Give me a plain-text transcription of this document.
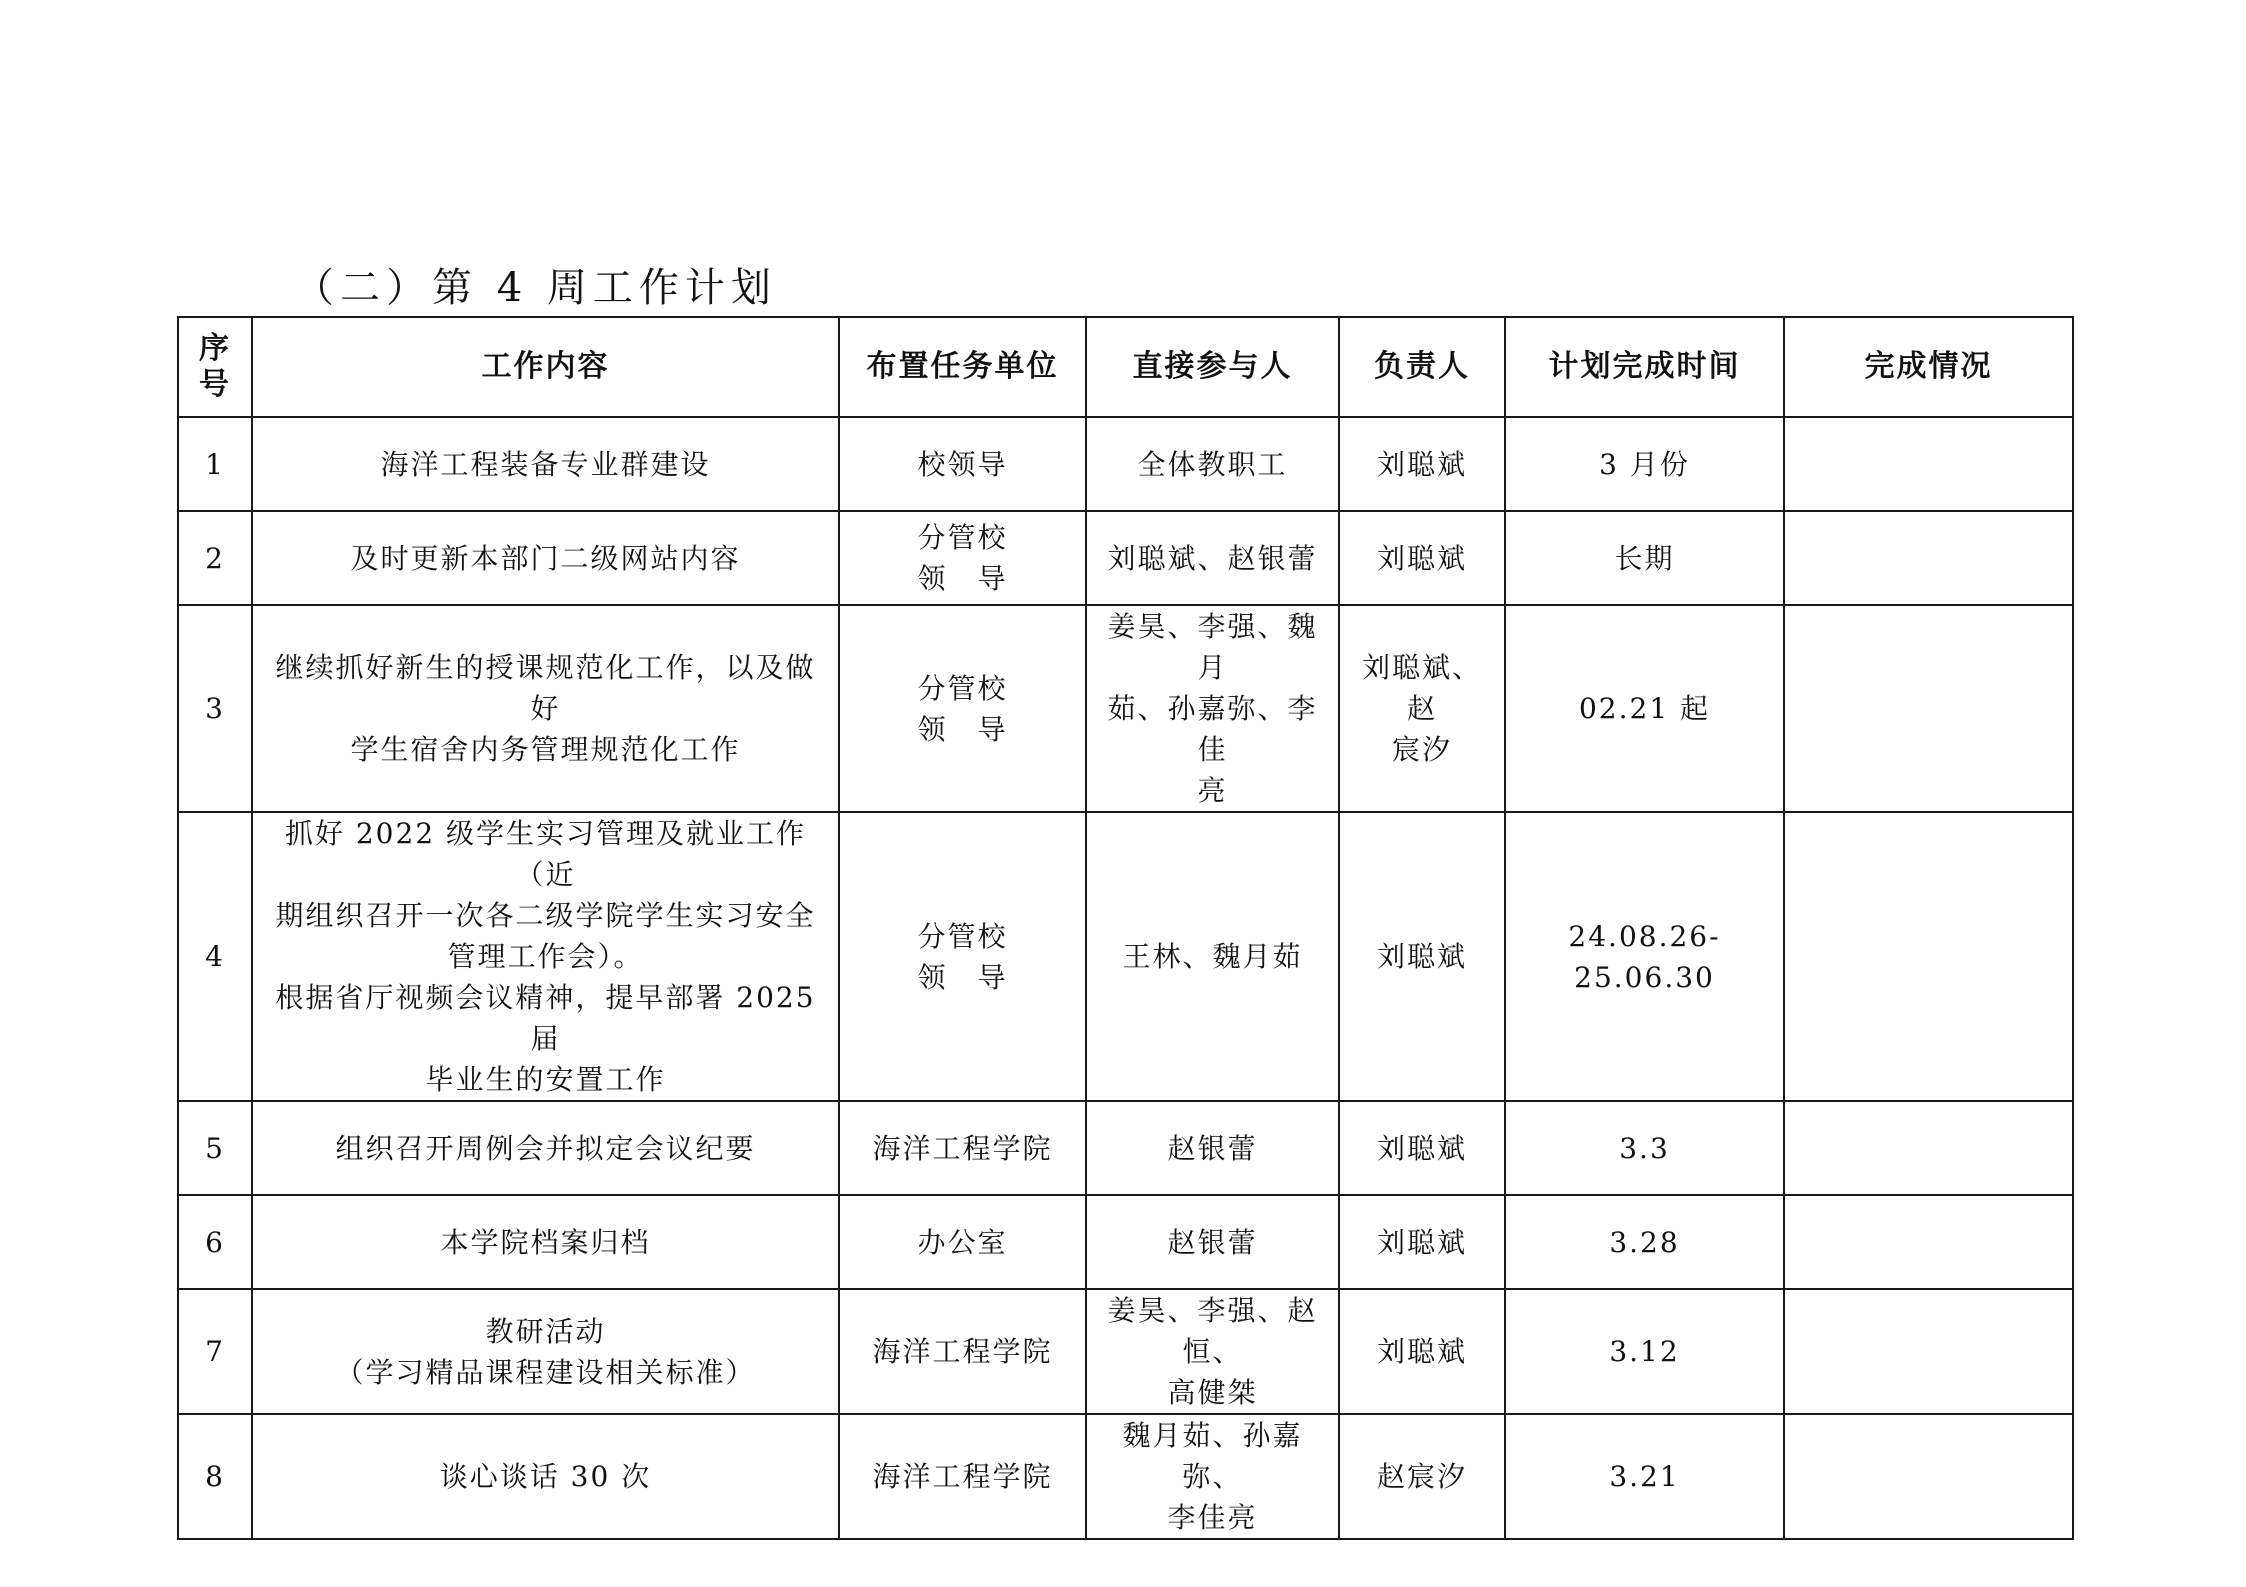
（二）第 4 周工作计划
序
号	工作内容	布置任务单位	直接参与人	负责人	计划完成时间	完成情况
1	海洋工程装备专业群建设	校领导	全体教职工	刘聪斌	3 月份	
2	及时更新本部门二级网站内容	分管校
领　导	刘聪斌、赵银蕾	刘聪斌	长期	
3	继续抓好新生的授课规范化工作，以及做好
学生宿舍内务管理规范化工作	分管校
领　导	姜昊、李强、魏月
茹、孙嘉弥、李佳
亮	刘聪斌、赵
宸汐	02.21 起	
4	抓好 2022 级学生实习管理及就业工作（近
期组织召开一次各二级学院学生实习安全
管理工作会）。
根据省厅视频会议精神，提早部署 2025 届
毕业生的安置工作	分管校
领　导	王林、魏月茹	刘聪斌	24.08.26-25.06.30	
5	组织召开周例会并拟定会议纪要	海洋工程学院	赵银蕾	刘聪斌	3.3	
6	本学院档案归档	办公室	赵银蕾	刘聪斌	3.28	
7	教研活动
（学习精品课程建设相关标准）	海洋工程学院	姜昊、李强、赵恒、
高健桀	刘聪斌	3.12	
8	谈心谈话 30 次	海洋工程学院	魏月茹、孙嘉弥、
李佳亮	赵宸汐	3.21	
